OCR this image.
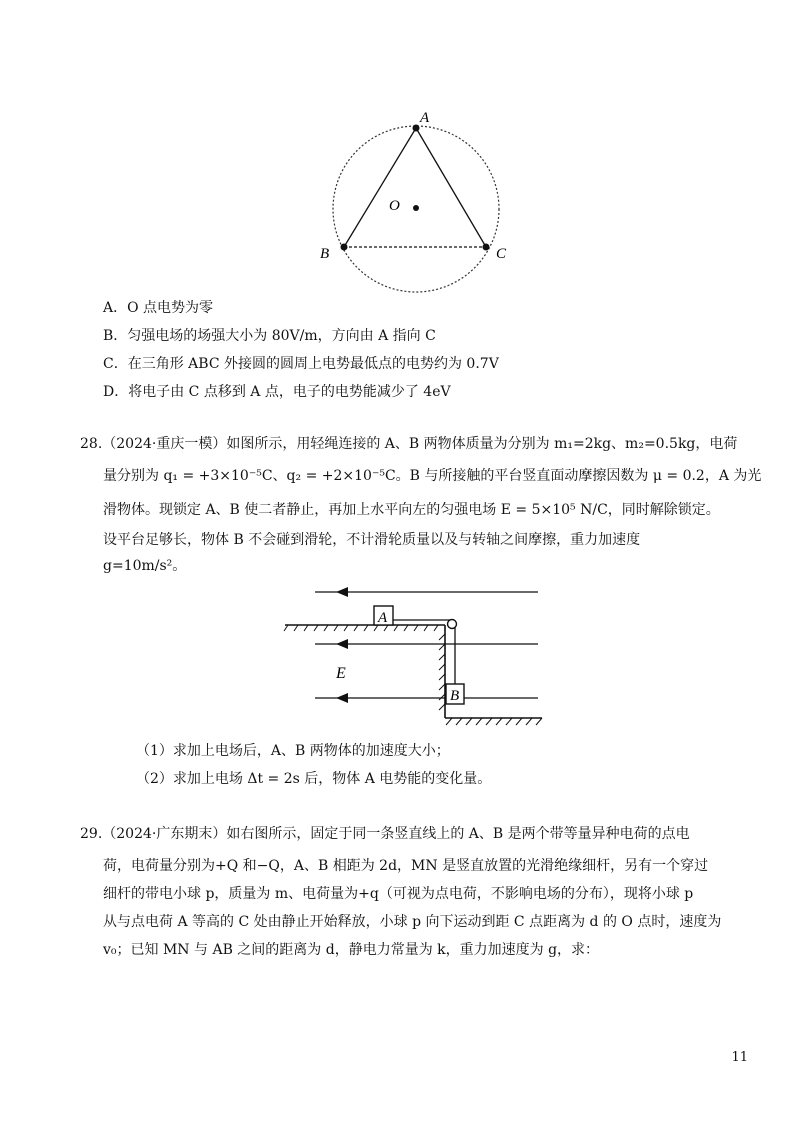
A
B	C
O
A．O 点电势为零
B．匀强电场的场强大小为 80V/m，方向由 A 指向 C
C．在三角形 ABC 外接圆的圆周上电势最低点的电势约为 0.7V
D．将电子由 C 点移到 A 点，电子的电势能减少了 4eV
28.（2024·重庆一模）如图所示，用轻绳连接的 A、B 两物体质量为分别为 m₁=2kg、m₂=0.5kg，电荷
量分别为 q₁ = +3×10⁻⁵C、q₂ = +2×10⁻⁵C。B 与所接触的平台竖直面动摩擦因数为 μ = 0.2，A 为光
滑物体。现锁定 A、B 使二者静止，再加上水平向左的匀强电场 E = 5×10⁵ N/C，同时解除锁定。
设平台足够长，物体 B 不会碰到滑轮，不计滑轮质量以及与转轴之间摩擦，重力加速度
g=10m/s²。
A
B
E
（1）求加上电场后，A、B 两物体的加速度大小；
（2）求加上电场 Δt = 2s 后，物体 A 电势能的变化量。
29.（2024·广东期末）如右图所示，固定于同一条竖直线上的 A、B 是两个带等量异种电荷的点电
荷，电荷量分别为+Q 和−Q，A、B 相距为 2d，MN 是竖直放置的光滑绝缘细杆，另有一个穿过
细杆的带电小球 p，质量为 m、电荷量为+q（可视为点电荷，不影响电场的分布），现将小球 p
从与点电荷 A 等高的 C 处由静止开始释放，小球 p 向下运动到距 C 点距离为 d 的 O 点时，速度为
v₀；已知 MN 与 AB 之间的距离为 d，静电力常量为 k，重力加速度为 g，求：
11
